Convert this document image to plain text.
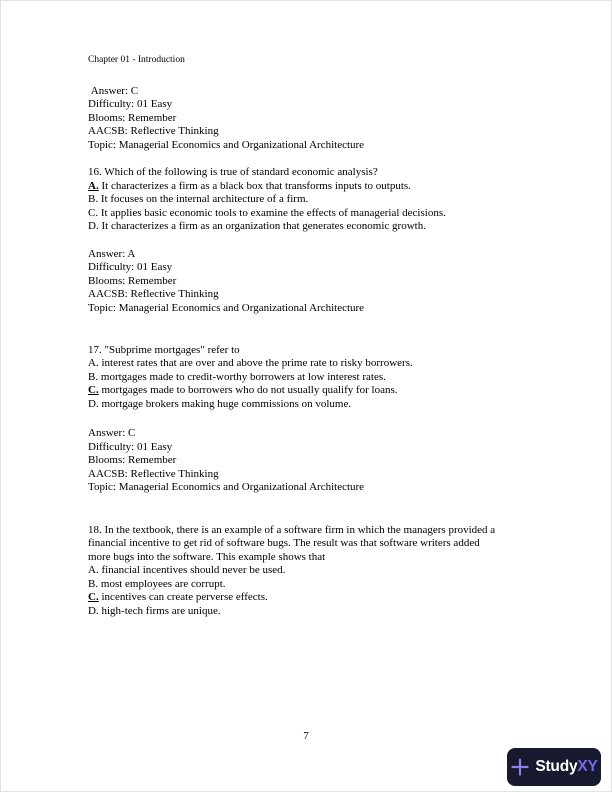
Chapter 01 - Introduction
Answer: C
Difficulty: 01 Easy
Blooms: Remember
AACSB: Reflective Thinking
Topic: Managerial Economics and Organizational Architecture
16. Which of the following is true of standard economic analysis?
A. It characterizes a firm as a black box that transforms inputs to outputs.
B. It focuses on the internal architecture of a firm.
C. It applies basic economic tools to examine the effects of managerial decisions.
D. It characterizes a firm as an organization that generates economic growth.
Answer: A
Difficulty: 01 Easy
Blooms: Remember
AACSB: Reflective Thinking
Topic: Managerial Economics and Organizational Architecture
17. "Subprime mortgages" refer to
A. interest rates that are over and above the prime rate to risky borrowers.
B. mortgages made to credit-worthy borrowers at low interest rates.
C. mortgages made to borrowers who do not usually qualify for loans.
D. mortgage brokers making huge commissions on volume.
Answer: C
Difficulty: 01 Easy
Blooms: Remember
AACSB: Reflective Thinking
Topic: Managerial Economics and Organizational Architecture
18. In the textbook, there is an example of a software firm in which the managers provided a
financial incentive to get rid of software bugs. The result was that software writers added
more bugs into the software. This example shows that
A. financial incentives should never be used.
B. most employees are corrupt.
C. incentives can create perverse effects.
D. high-tech firms are unique.
7
StudyXY
